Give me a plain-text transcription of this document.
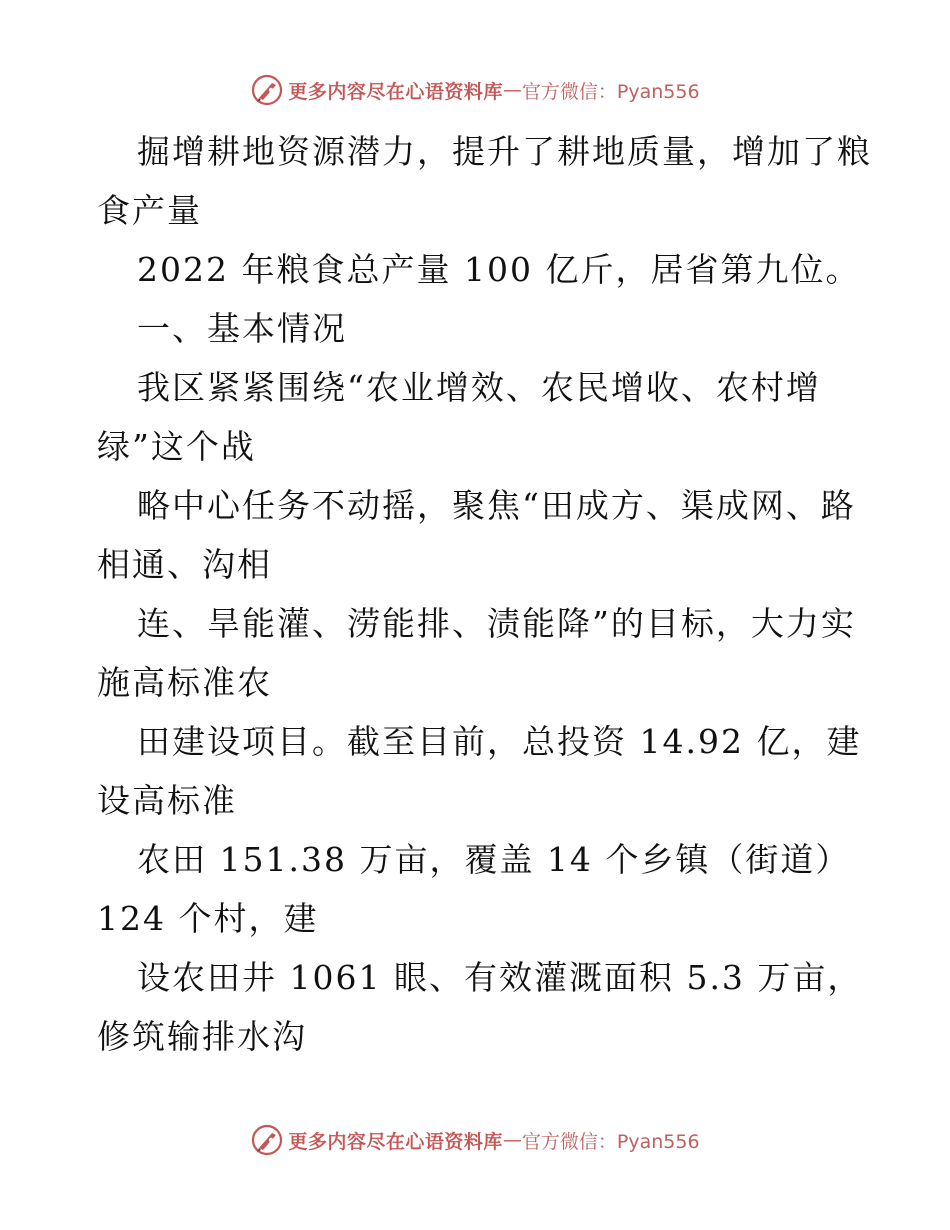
更多内容尽在心语资料库 — 官方微信：Pyan556
掘增耕地资源潜力，提升了耕地质量，增加了粮
食产量
2022 年粮食总产量 100 亿斤，居省第九位。
一、基本情况
我区紧紧围绕“农业增效、农民增收、农村增
绿”这个战
略中心任务不动摇，聚焦“田成方、渠成网、路
相通、沟相
连、旱能灌、涝能排、渍能降”的目标，大力实
施高标准农
田建设项目。截至目前，总投资 14.92 亿，建
设高标准
农田 151.38 万亩，覆盖 14 个乡镇（街道）
124 个村，建
设农田井 1061 眼、有效灌溉面积 5.3 万亩，
修筑输排水沟
更多内容尽在心语资料库 — 官方微信：Pyan556
